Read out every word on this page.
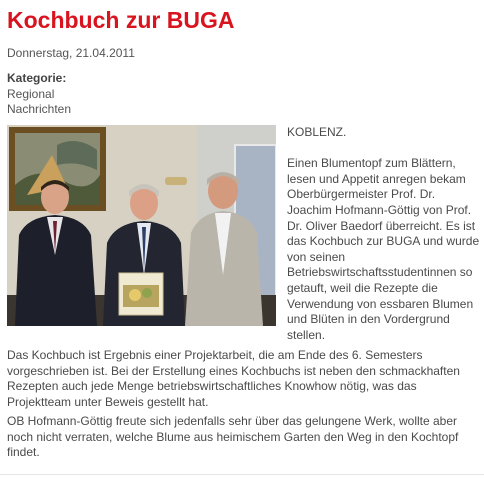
Kochbuch zur BUGA
Donnerstag, 21.04.2011
Kategorie:
Regional
Nachrichten

KOBLENZ.

Einen Blumentopf zum Blättern, lesen und Appetit anregen bekam Oberbürgermeister Prof. Dr. Joachim Hofmann-Göttig von Prof. Dr. Oliver Baedorf überreicht. Es ist das Kochbuch zur BUGA und wurde von seinen Betriebswirtschaftsstudentinnen so getauft, weil die Rezepte die Verwendung von essbaren Blumen und Blüten in den Vordergrund stellen.

Das Kochbuch ist Ergebnis einer Projektarbeit, die am Ende des 6. Semesters vorgeschrieben ist. Bei der Erstellung eines Kochbuchs ist neben den schmackhaften Rezepten auch jede Menge betriebswirtschaftliches Knowhow nötig, was das Projektteam unter Beweis gestellt hat.

OB Hofmann-Göttig freute sich jedenfalls sehr über das gelungene Werk, wollte aber noch nicht verraten, welche Blume aus heimischem Garten den Weg in den Kochtopf findet.
